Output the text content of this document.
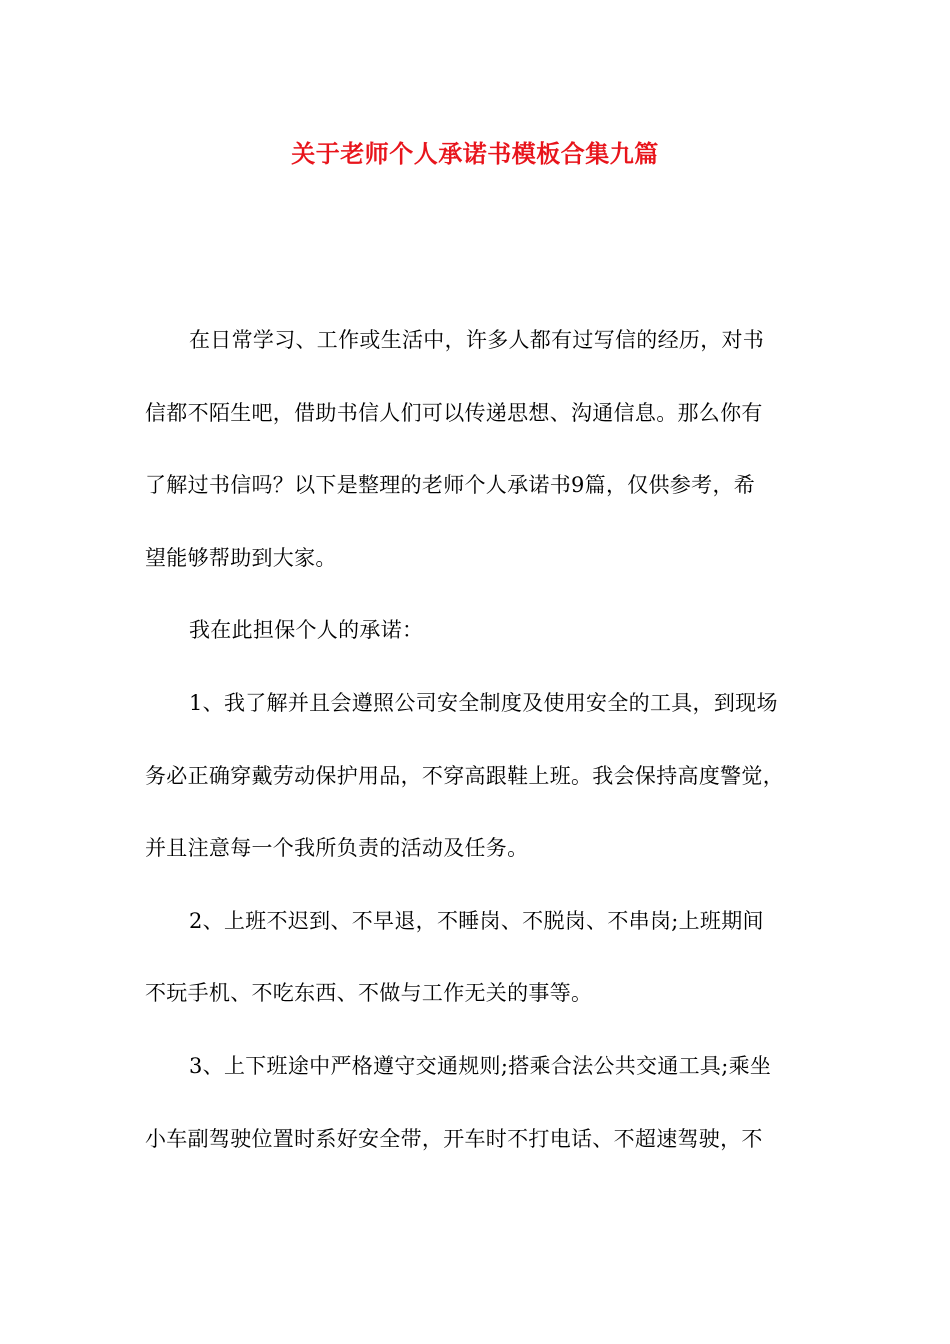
关于老师个人承诺书模板合集九篇
在日常学习、工作或生活中，许多人都有过写信的经历，对书
信都不陌生吧，借助书信人们可以传递思想、沟通信息。那么你有
了解过书信吗？以下是整理的老师个人承诺书9篇，仅供参考，希
望能够帮助到大家。
我在此担保个人的承诺：
1、我了解并且会遵照公司安全制度及使用安全的工具，到现场
务必正确穿戴劳动保护用品，不穿高跟鞋上班。我会保持高度警觉，
并且注意每一个我所负责的活动及任务。
2、上班不迟到、不早退，不睡岗、不脱岗、不串岗;上班期间
不玩手机、不吃东西、不做与工作无关的事等。
3、上下班途中严格遵守交通规则;搭乘合法公共交通工具;乘坐
小车副驾驶位置时系好安全带，开车时不打电话、不超速驾驶，不
